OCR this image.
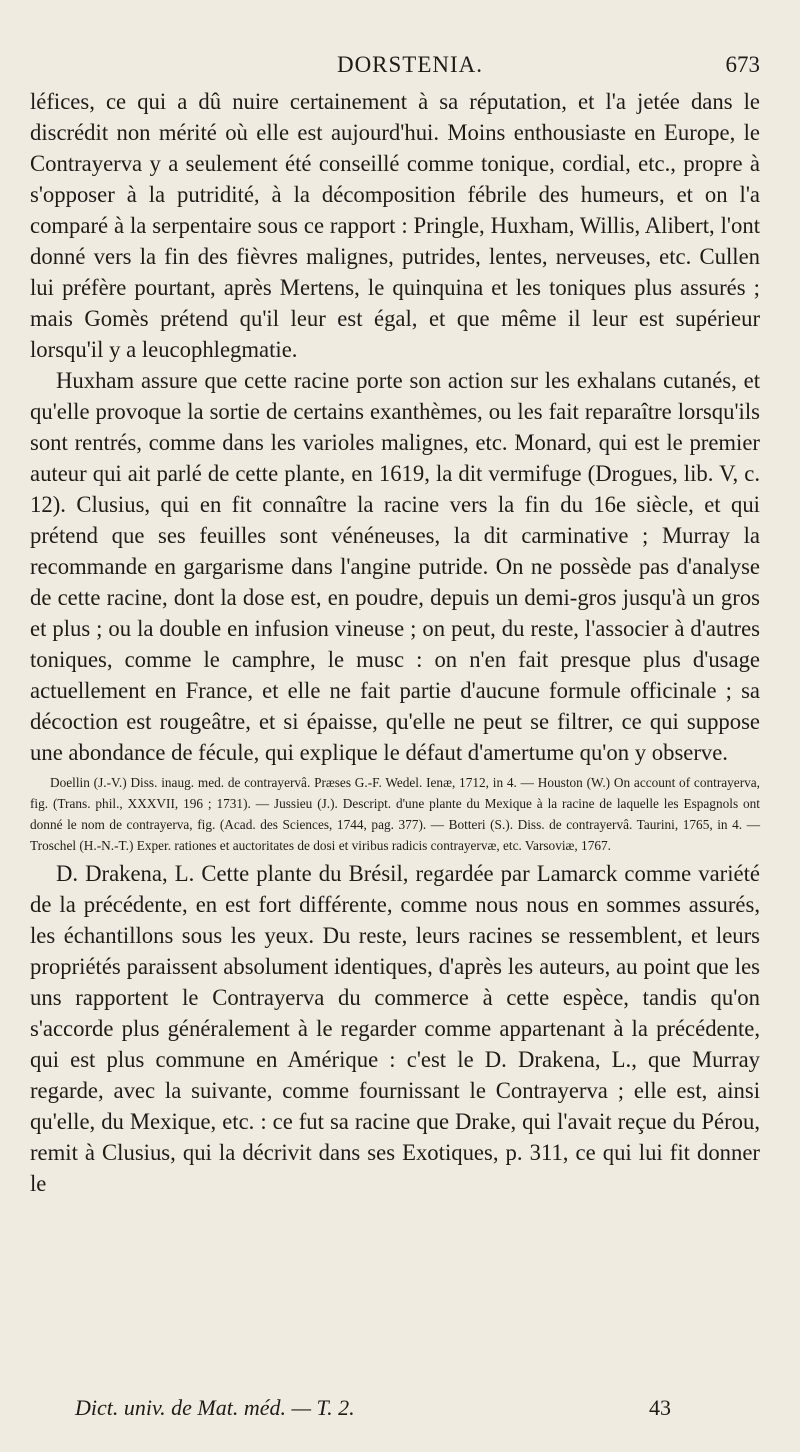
DORSTENIA.	673

léfices, ce qui a dû nuire certainement à sa réputation, et l'a jetée dans le discrédit non mérité où elle est aujourd'hui. Moins enthousiaste en Europe, le Contrayerva y a seulement été conseillé comme tonique, cordial, etc., propre à s'opposer à la putridité, à la décomposition fébrile des humeurs, et on l'a comparé à la serpentaire sous ce rapport : Pringle, Huxham, Willis, Alibert, l'ont donné vers la fin des fièvres malignes, putrides, lentes, nerveuses, etc. Cullen lui préfère pourtant, après Mertens, le quinquina et les toniques plus assurés ; mais Gomès prétend qu'il leur est égal, et que même il leur est supérieur lorsqu'il y a leucophlegmatie.

Huxham assure que cette racine porte son action sur les exhalans cutanés, et qu'elle provoque la sortie de certains exanthèmes, ou les fait reparaître lorsqu'ils sont rentrés, comme dans les varioles malignes, etc. Monard, qui est le premier auteur qui ait parlé de cette plante, en 1619, la dit vermifuge (Drogues, lib. V, c. 12). Clusius, qui en fit connaître la racine vers la fin du 16e siècle, et qui prétend que ses feuilles sont vénéneuses, la dit carminative ; Murray la recommande en gargarisme dans l'angine putride. On ne possède pas d'analyse de cette racine, dont la dose est, en poudre, depuis un demi-gros jusqu'à un gros et plus ; ou la double en infusion vineuse ; on peut, du reste, l'associer à d'autres toniques, comme le camphre, le musc : on n'en fait presque plus d'usage actuellement en France, et elle ne fait partie d'aucune formule officinale ; sa décoction est rougeâtre, et si épaisse, qu'elle ne peut se filtrer, ce qui suppose une abondance de fécule, qui explique le défaut d'amertume qu'on y observe.

Doellin (J.-V.) Diss. inaug. med. de contrayervâ. Præses G.-F. Wedel. Ienæ, 1712, in 4. — Houston (W.) On account of contrayerva, fig. (Trans. phil., XXXVII, 196 ; 1731). — Jussieu (J.). Descript. d'une plante du Mexique à la racine de laquelle les Espagnols ont donné le nom de contrayerva, fig. (Acad. des Sciences, 1744, pag. 377). — Botteri (S.). Diss. de contrayervâ. Taurini, 1765, in 4. — Troschel (H.-N.-T.) Exper. rationes et auctoritates de dosi et viribus radicis contrayervæ, etc. Varsoviæ, 1767.

D. Drakena, L. Cette plante du Brésil, regardée par Lamarck comme variété de la précédente, en est fort différente, comme nous nous en sommes assurés, les échantillons sous les yeux. Du reste, leurs racines se ressemblent, et leurs propriétés paraissent absolument identiques, d'après les auteurs, au point que les uns rapportent le Contrayerva du commerce à cette espèce, tandis qu'on s'accorde plus généralement à le regarder comme appartenant à la précédente, qui est plus commune en Amérique : c'est le D. Drakena, L., que Murray regarde, avec la suivante, comme fournissant le Contrayerva ; elle est, ainsi qu'elle, du Mexique, etc. : ce fut sa racine que Drake, qui l'avait reçue du Pérou, remit à Clusius, qui la décrivit dans ses Exotiques, p. 311, ce qui lui fit donner le

Dict. univ. de Mat. méd. — T. 2.	43
